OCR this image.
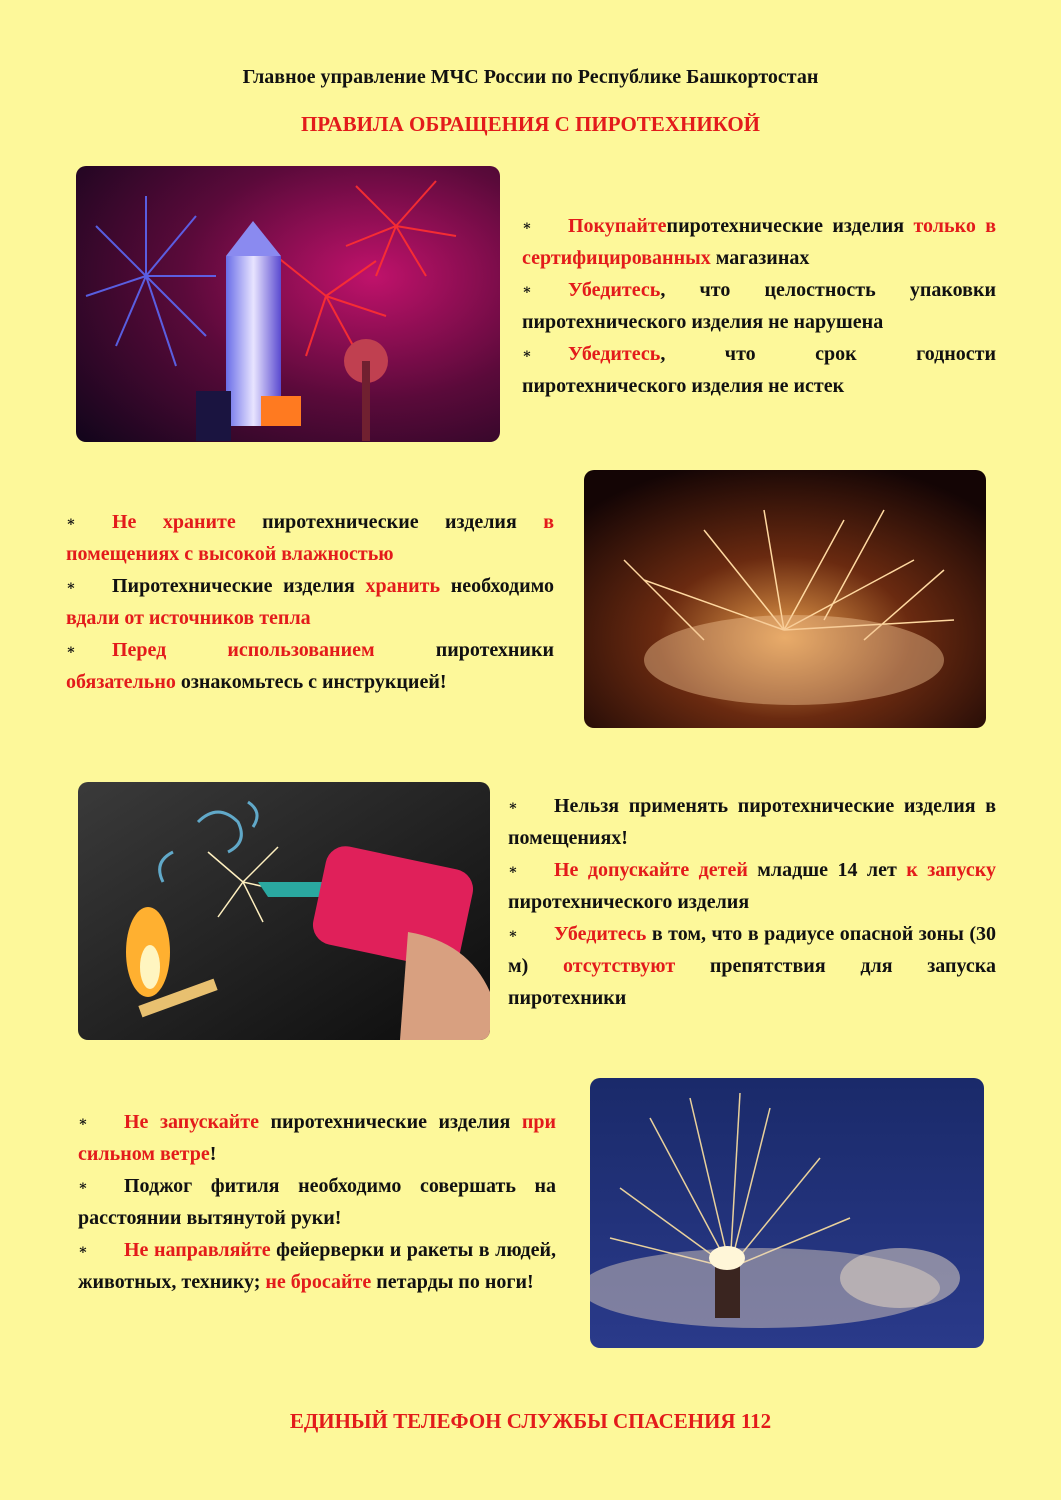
Главное управление МЧС России по Республике Башкортостан
ПРАВИЛА ОБРАЩЕНИЯ С ПИРОТЕХНИКОЙ
∗ Покупайтепиротехнические изделия только в сертифицированных магазинах
∗ Убедитесь, что целостность упаковки пиротехнического изделия не нарушена
∗ Убедитесь, что срок годности пиротехнического изделия не истек
∗ Не храните пиротехнические изделия в помещениях с высокой влажностью
∗ Пиротехнические изделия хранить необходимо вдали от источников тепла
∗ Перед использованием пиротехники обязательно ознакомьтесь с инструкцией!
∗ Нельзя применять пиротехнические изделия в помещениях!
∗ Не допускайте детей младше 14 лет к запуску пиротехнического изделия
∗ Убедитесь в том, что в радиусе опасной зоны (30 м) отсутствуют препятствия для запуска пиротехники
∗ Не запускайте пиротехнические изделия при сильном ветре!
∗ Поджог фитиля необходимо совершать на расстоянии вытянутой руки!
∗ Не направляйте фейерверки и ракеты в людей, животных, технику; не бросайте петарды по ноги!
ЕДИНЫЙ ТЕЛЕФОН СЛУЖБЫ СПАСЕНИЯ 112
